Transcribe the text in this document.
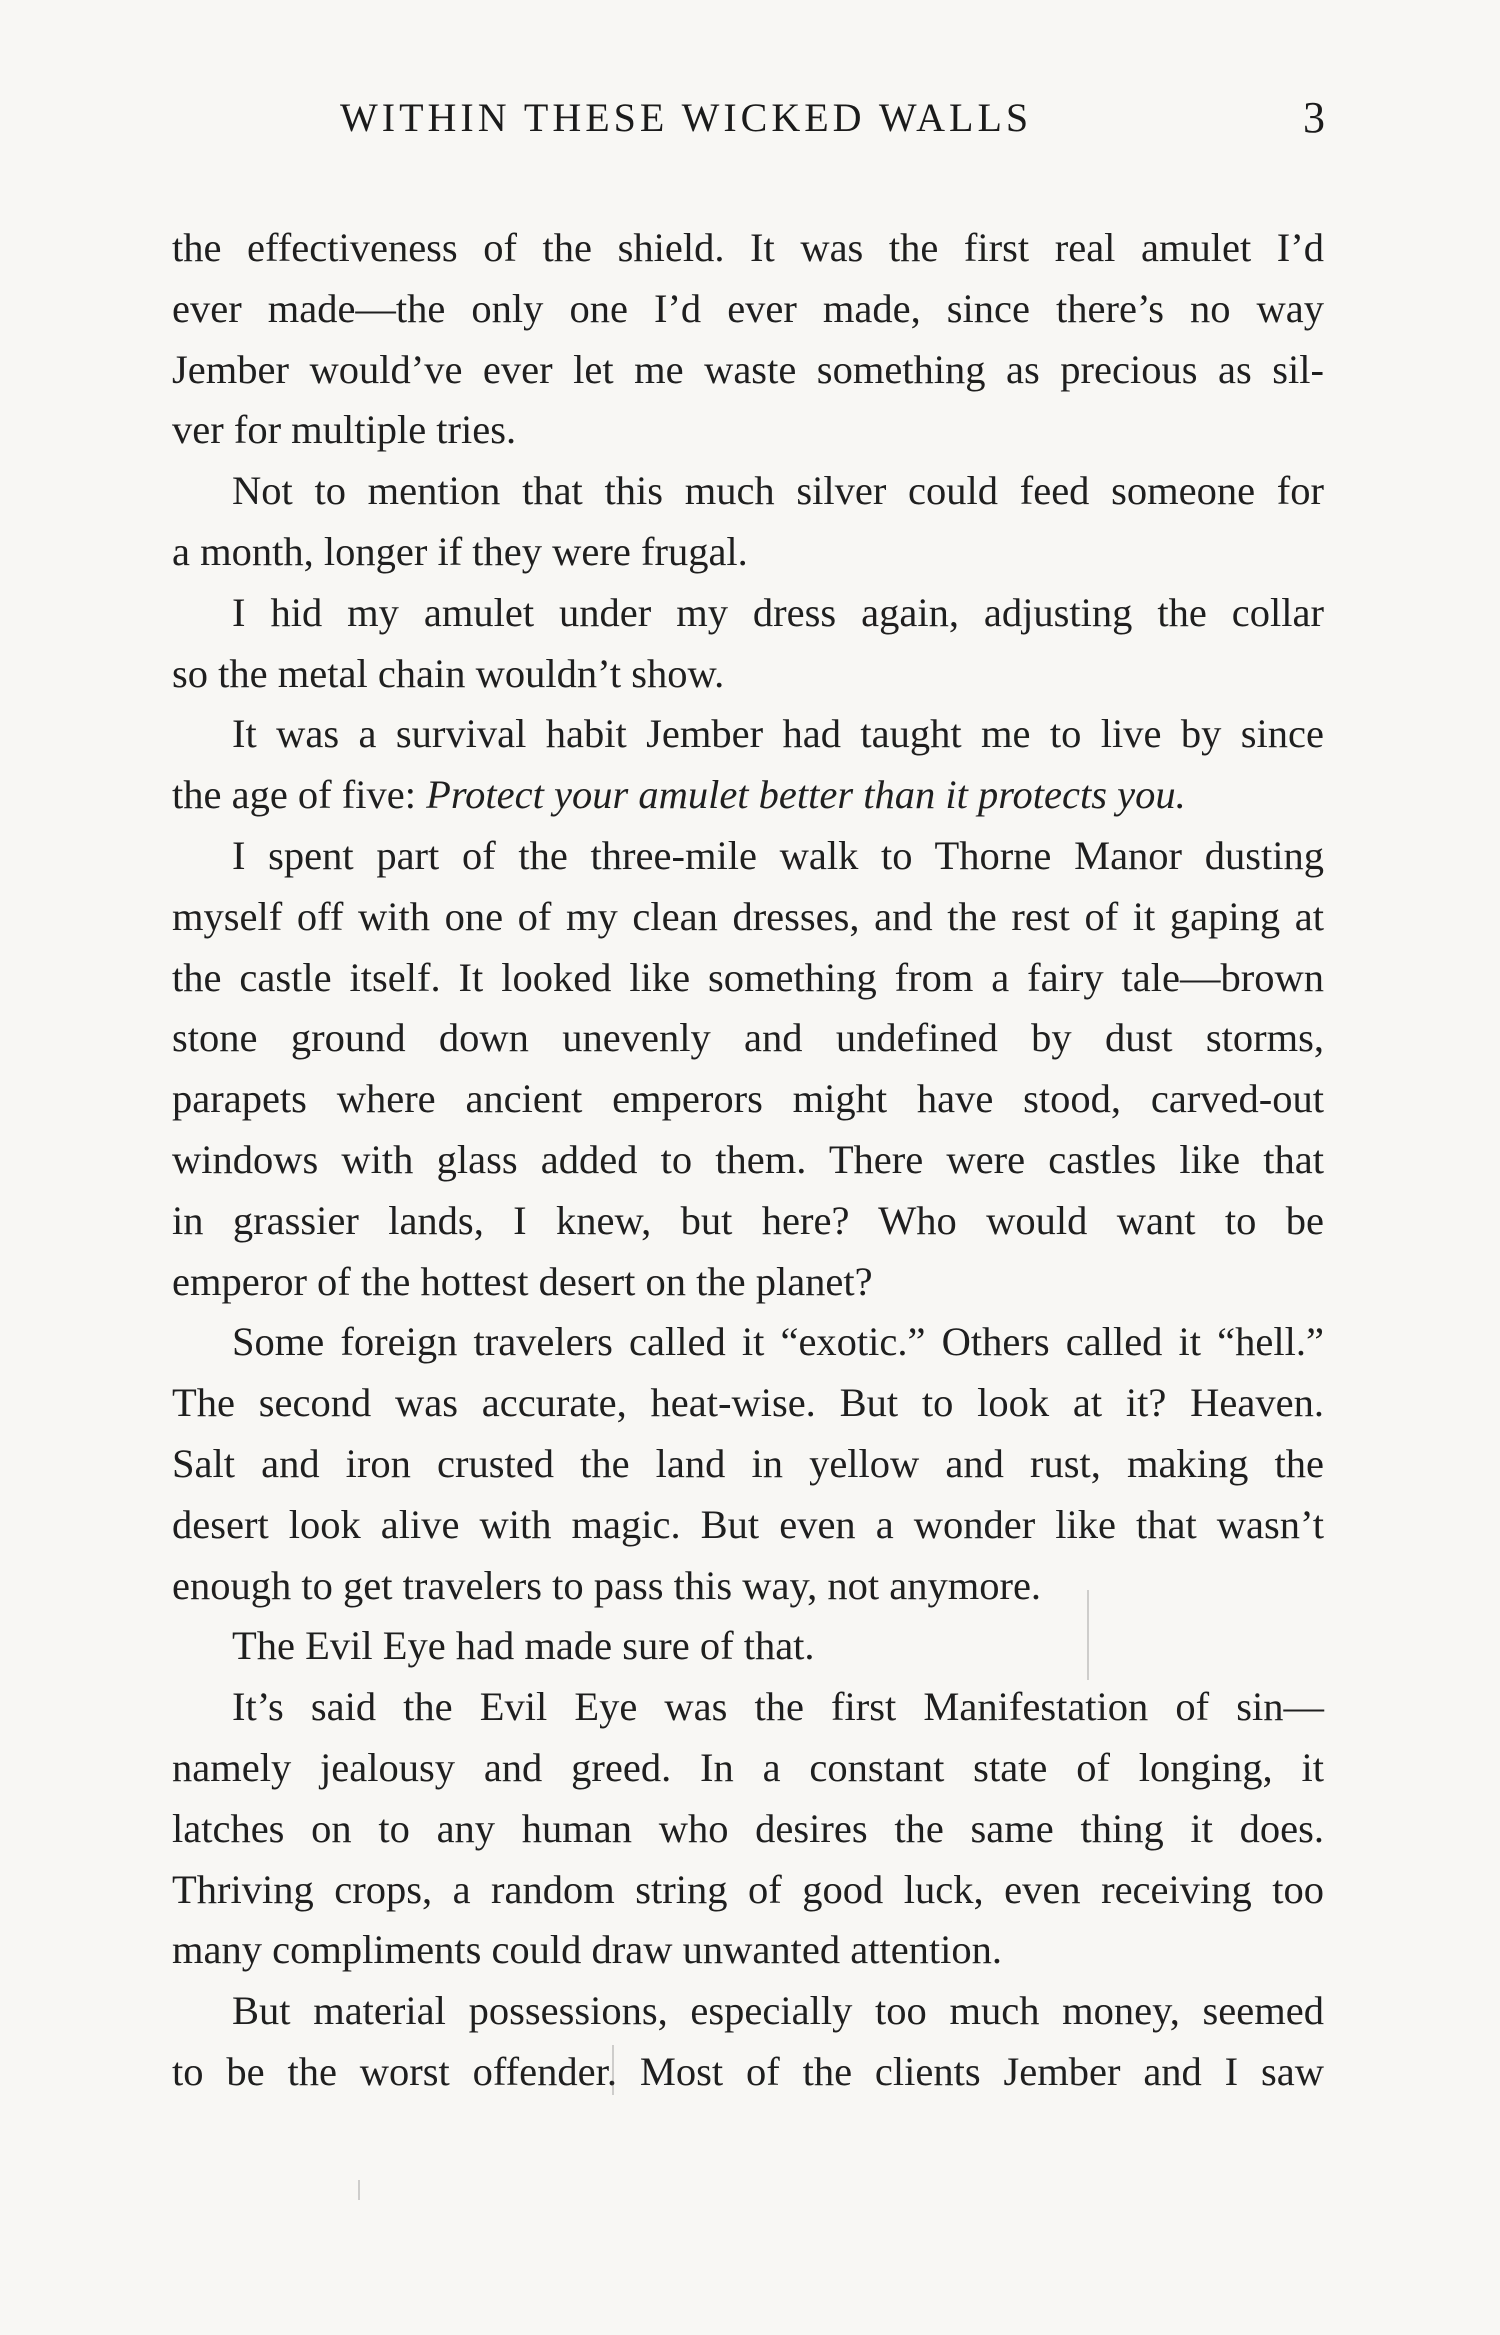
WITHIN THESE WICKED WALLS	3
the effectiveness of the shield. It was the first real amulet I’d
ever made—the only one I’d ever made, since there’s no way
Jember would’ve ever let me waste something as precious as sil-
ver for multiple tries.
Not to mention that this much silver could feed someone for
a month, longer if they were frugal.
I hid my amulet under my dress again, adjusting the collar
so the metal chain wouldn’t show.
It was a survival habit Jember had taught me to live by since
the age of five: Protect your amulet better than it protects you.
I spent part of the three-mile walk to Thorne Manor dusting
myself off with one of my clean dresses, and the rest of it gaping at
the castle itself. It looked like something from a fairy tale—brown
stone ground down unevenly and undefined by dust storms,
parapets where ancient emperors might have stood, carved-out
windows with glass added to them. There were castles like that
in grassier lands, I knew, but here? Who would want to be
emperor of the hottest desert on the planet?
Some foreign travelers called it “exotic.” Others called it “hell.”
The second was accurate, heat-wise. But to look at it? Heaven.
Salt and iron crusted the land in yellow and rust, making the
desert look alive with magic. But even a wonder like that wasn’t
enough to get travelers to pass this way, not anymore.
The Evil Eye had made sure of that.
It’s said the Evil Eye was the first Manifestation of sin—
namely jealousy and greed. In a constant state of longing, it
latches on to any human who desires the same thing it does.
Thriving crops, a random string of good luck, even receiving too
many compliments could draw unwanted attention.
But material possessions, especially too much money, seemed
to be the worst offender. Most of the clients Jember and I saw
